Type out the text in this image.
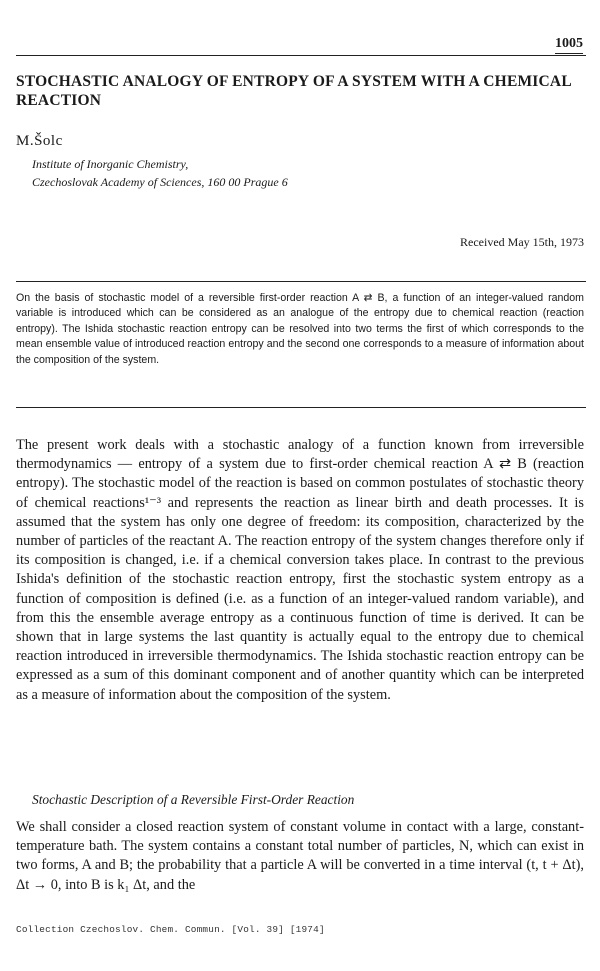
1005
STOCHASTIC ANALOGY OF ENTROPY OF A SYSTEM WITH A CHEMICAL REACTION

M.Šolc

Institute of Inorganic Chemistry,
Czechoslovak Academy of Sciences, 160 00 Prague 6
Received May 15th, 1973

On the basis of stochastic model of a reversible first-order reaction A ⇄ B, a function of an integer-valued random variable is introduced which can be considered as an analogue of the entropy due to chemical reaction (reaction entropy). The Ishida stochastic reaction entropy can be resolved into two terms the first of which corresponds to the mean ensemble value of introduced reaction entropy and the second one corresponds to a measure of information about the composition of the system.

The present work deals with a stochastic analogy of a function known from irreversible thermodynamics — entropy of a system due to first-order chemical reaction A ⇄ B (reaction entropy). The stochastic model of the reaction is based on common postulates of stochastic theory of chemical reactions¹⁻³ and represents the reaction as linear birth and death processes. It is assumed that the system has only one degree of freedom: its composition, characterized by the number of particles of the reactant A. The reaction entropy of the system changes therefore only if its composition is changed, i.e. if a chemical conversion takes place. In contrast to the previous Ishida's definition of the stochastic reaction entropy, first the stochastic system entropy as a function of composition is defined (i.e. as a function of an integer-valued random variable), and from this the ensemble average entropy as a continuous function of time is derived. It can be shown that in large systems the last quantity is actually equal to the entropy due to chemical reaction introduced in irreversible thermodynamics. The Ishida stochastic reaction entropy can be expressed as a sum of this dominant component and of another quantity which can be interpreted as a measure of information about the composition of the system.

Stochastic Description of a Reversible First-Order Reaction

We shall consider a closed reaction system of constant volume in contact with a large, constant-temperature bath. The system contains a constant total number of particles, N, which can exist in two forms, A and B; the probability that a particle A will be converted in a time interval (t, t + Δt), Δt → 0, into B is k₁ Δt, and the

Collection Czechoslov. Chem. Commun. [Vol. 39] [1974]
